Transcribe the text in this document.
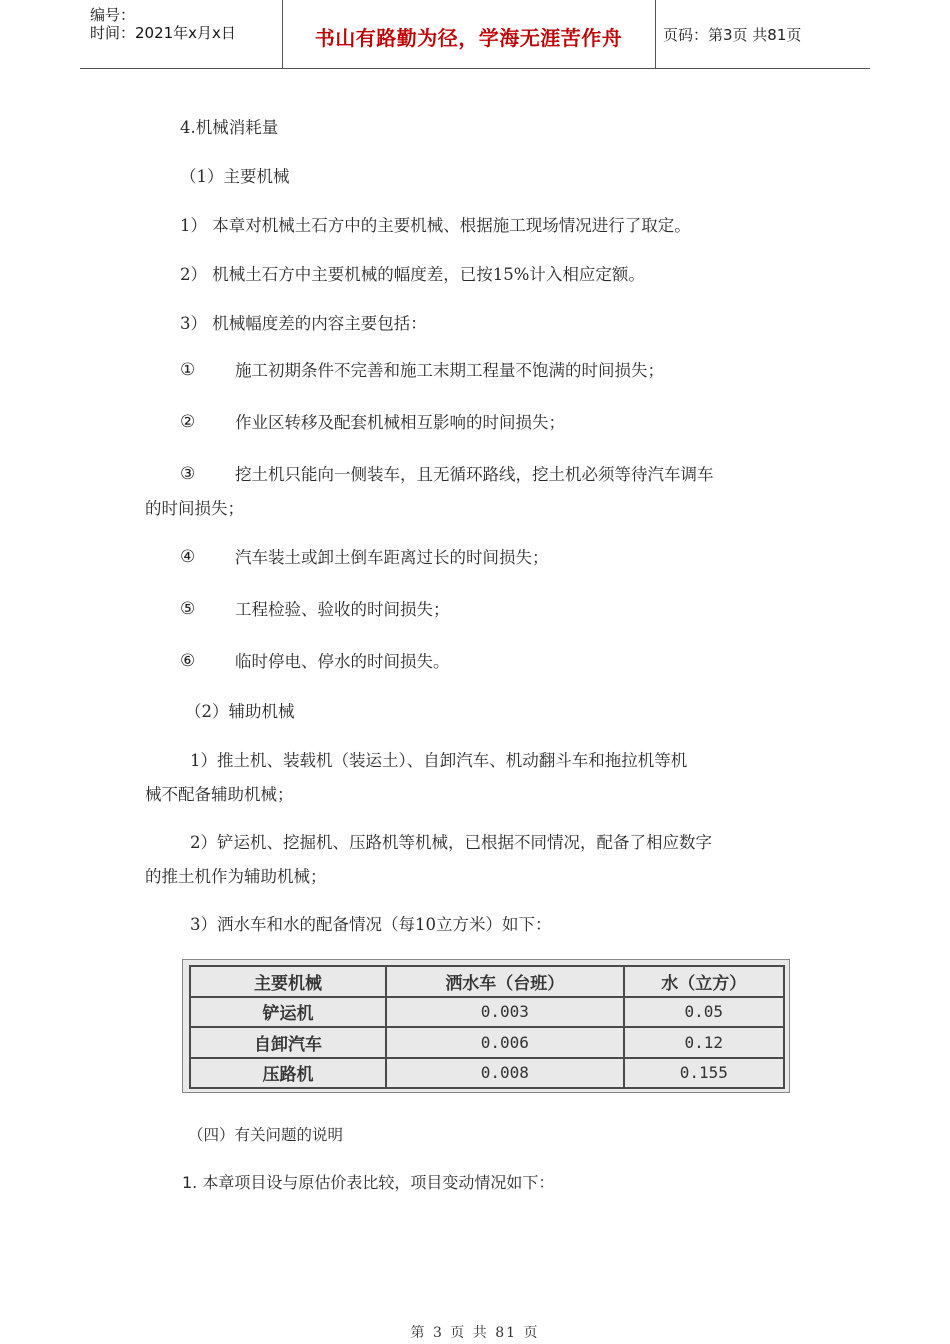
编号：
时间：2021年x月x日	书山有路勤为径，学海无涯苦作舟	页码：第3页 共81页
4.机械消耗量
（1）主要机械
1） 本章对机械土石方中的主要机械、根据施工现场情况进行了取定。
2） 机械土石方中主要机械的幅度差，已按15%计入相应定额。
3） 机械幅度差的内容主要包括：
① 施工初期条件不完善和施工末期工程量不饱满的时间损失；
② 作业区转移及配套机械相互影响的时间损失；
③ 挖土机只能向一侧装车，且无循环路线，挖土机必须等待汽车调车
的时间损失；
④ 汽车装土或卸土倒车距离过长的时间损失；
⑤ 工程检验、验收的时间损失；
⑥ 临时停电、停水的时间损失。
（2）辅助机械
1）推土机、装载机（装运土）、自卸汽车、机动翻斗车和拖拉机等机
械不配备辅助机械；
2）铲运机、挖掘机、压路机等机械，已根据不同情况，配备了相应数字
的推土机作为辅助机械；
3）洒水车和水的配备情况（每10立方米）如下：
主要机械	洒水车（台班）	水（立方）
铲运机	0.003	0.05
自卸汽车	0.006	0.12
压路机	0.008	0.155
（四）有关问题的说明
1. 本章项目设与原估价表比较，项目变动情况如下：
第 3 页 共 81 页
